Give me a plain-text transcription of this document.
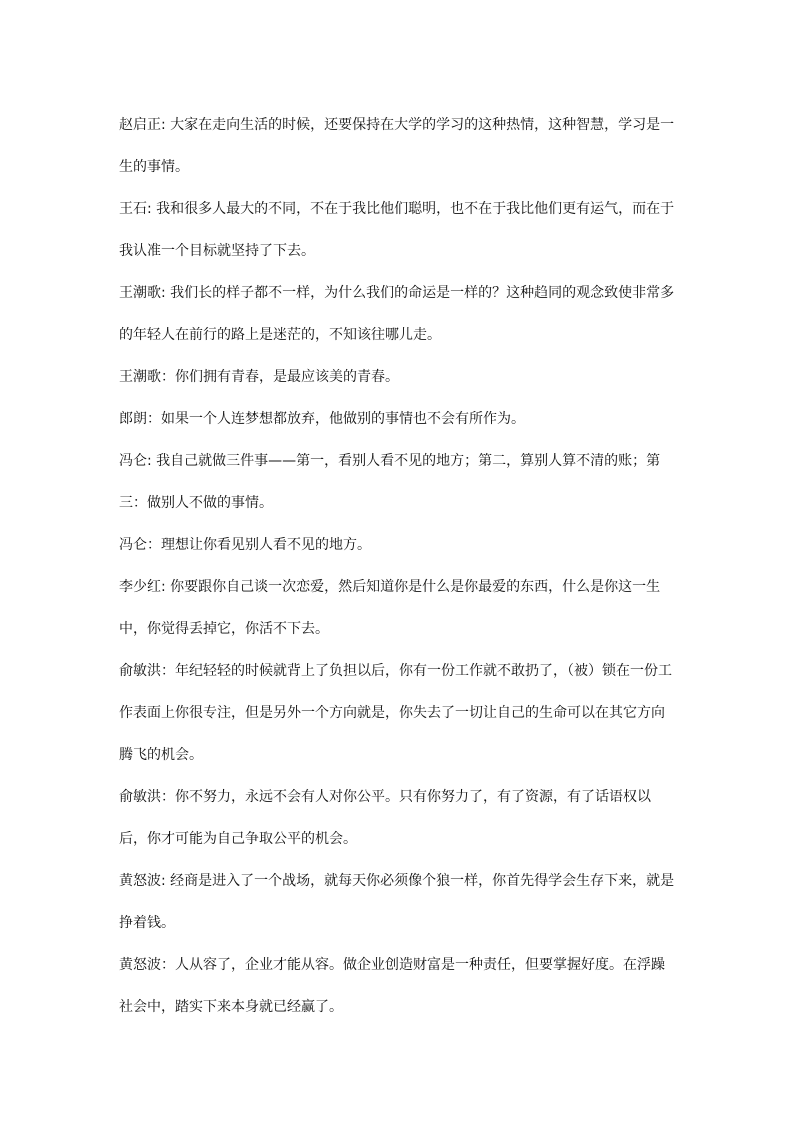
赵启正: 大家在走向生活的时候，还要保持在大学的学习的这种热情，这种智慧，学习是一生的事情。

王石: 我和很多人最大的不同，不在于我比他们聪明，也不在于我比他们更有运气，而在于我认准一个目标就坚持了下去。

王潮歌: 我们长的样子都不一样，为什么我们的命运是一样的？这种趋同的观念致使非常多的年轻人在前行的路上是迷茫的，不知该往哪儿走。

王潮歌：你们拥有青春，是最应该美的青春。

郎朗：如果一个人连梦想都放弃，他做别的事情也不会有所作为。

冯仑: 我自己就做三件事——第一，看别人看不见的地方；第二，算别人算不清的账；第三：做别人不做的事情。

冯仑：理想让你看见别人看不见的地方。

李少红: 你要跟你自己谈一次恋爱，然后知道你是什么是你最爱的东西，什么是你这一生中，你觉得丢掉它，你活不下去。

俞敏洪：年纪轻轻的时候就背上了负担以后，你有一份工作就不敢扔了，（被）锁在一份工作表面上你很专注，但是另外一个方向就是，你失去了一切让自己的生命可以在其它方向腾飞的机会。

俞敏洪：你不努力，永远不会有人对你公平。只有你努力了，有了资源，有了话语权以后，你才可能为自己争取公平的机会。

黄怒波: 经商是进入了一个战场，就每天你必须像个狼一样，你首先得学会生存下来，就是挣着钱。

黄怒波：人从容了，企业才能从容。做企业创造财富是一种责任，但要掌握好度。在浮躁社会中，踏实下来本身就已经赢了。
